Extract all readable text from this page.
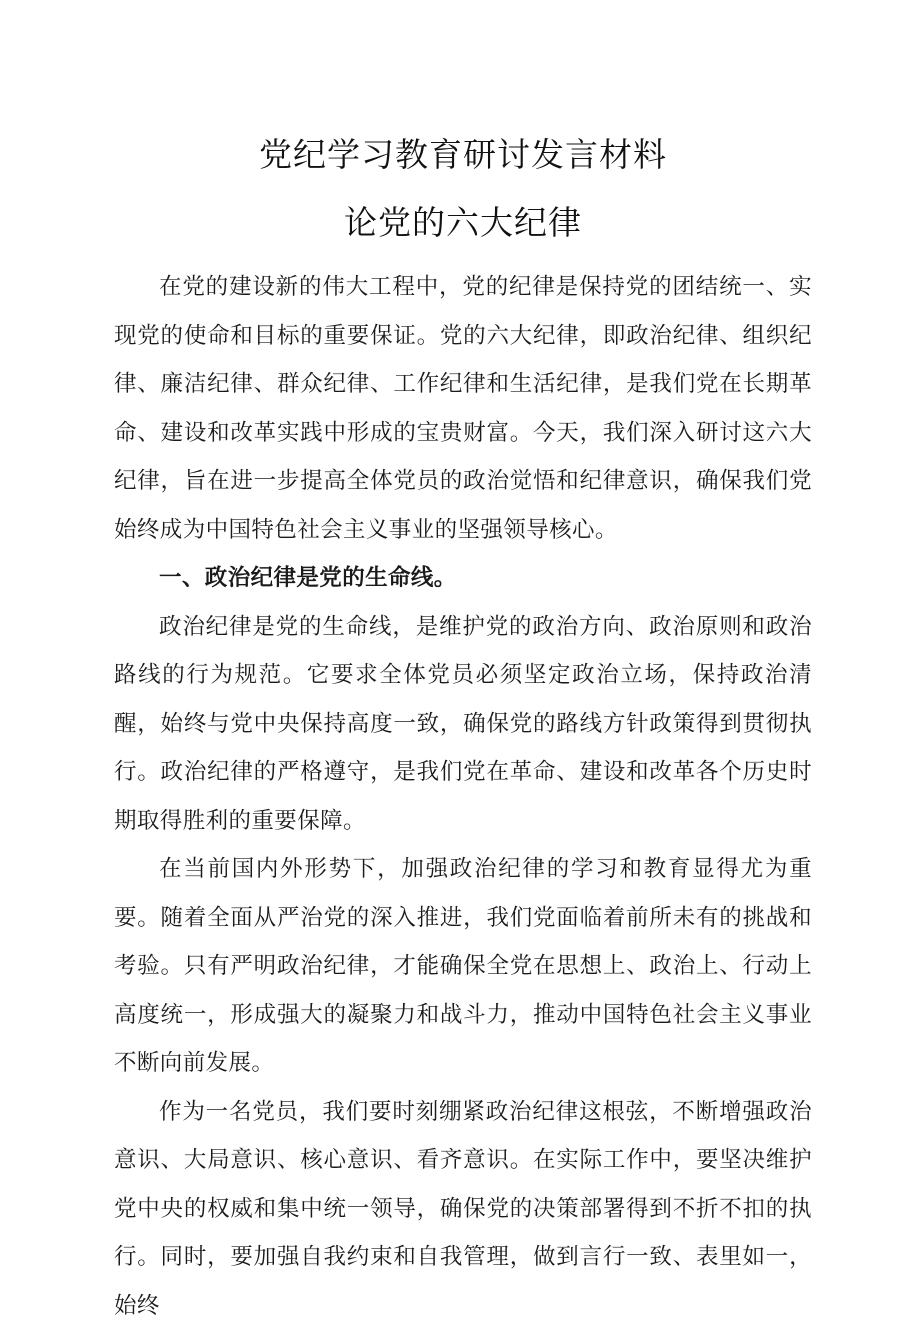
党纪学习教育研讨发言材料
论党的六大纪律

在党的建设新的伟大工程中，党的纪律是保持党的团结统一、实现党的使命和目标的重要保证。党的六大纪律，即政治纪律、组织纪律、廉洁纪律、群众纪律、工作纪律和生活纪律，是我们党在长期革命、建设和改革实践中形成的宝贵财富。今天，我们深入研讨这六大纪律，旨在进一步提高全体党员的政治觉悟和纪律意识，确保我们党始终成为中国特色社会主义事业的坚强领导核心。

一、政治纪律是党的生命线。

政治纪律是党的生命线，是维护党的政治方向、政治原则和政治路线的行为规范。它要求全体党员必须坚定政治立场，保持政治清醒，始终与党中央保持高度一致，确保党的路线方针政策得到贯彻执行。政治纪律的严格遵守，是我们党在革命、建设和改革各个历史时期取得胜利的重要保障。

在当前国内外形势下，加强政治纪律的学习和教育显得尤为重要。随着全面从严治党的深入推进，我们党面临着前所未有的挑战和考验。只有严明政治纪律，才能确保全党在思想上、政治上、行动上高度统一，形成强大的凝聚力和战斗力，推动中国特色社会主义事业不断向前发展。

作为一名党员，我们要时刻绷紧政治纪律这根弦，不断增强政治意识、大局意识、核心意识、看齐意识。在实际工作中，要坚决维护党中央的权威和集中统一领导，确保党的决策部署得到不折不扣的执行。同时，要加强自我约束和自我管理，做到言行一致、表里如一，始终
